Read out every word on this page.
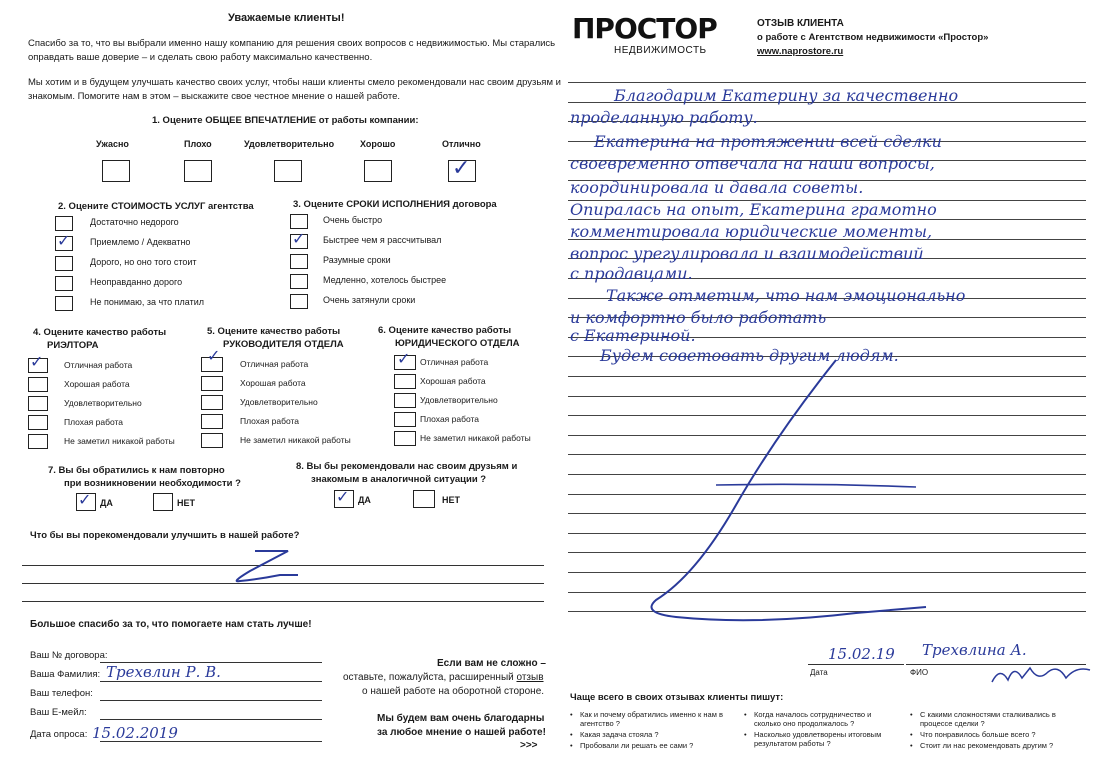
Уважаемые клиенты!
Спасибо за то, что вы выбрали именно нашу компанию для решения своих вопросов с недвижимостью. Мы старались
оправдать ваше доверие – и сделать свою работу максимально качественно.
Мы хотим и в будущем улучшать качество своих услуг, чтобы наши клиенты смело рекомендовали нас своим друзьям и
знакомым. Помогите нам в этом – выскажите свое честное мнение о нашей работе.
1. Оцените ОБЩЕЕ ВПЕЧАТЛЕНИЕ от работы компании:
Ужасно	Плохо	Удовлетворительно	Хорошо	Отлично
✓
2. Оцените СТОИМОСТЬ УСЛУГ агентства
✓
Достаточно недорого
Приемлемо / Адекватно
Дорого, но оно того стоит
Неоправданно дорого
Не понимаю, за что платил
3. Оцените СРОКИ ИСПОЛНЕНИЯ договора
✓
Очень быстро
Быстрее чем я рассчитывал
Разумные сроки
Медленно, хотелось быстрее
Очень затянули сроки
4. Оцените качество работы
РИЭЛТОРА
✓ Отличная работа
Хорошая работа
Удовлетворительно
Плохая работа
Не заметил никакой работы
5. Оцените качество работы
РУКОВОДИТЕЛЯ ОТДЕЛА
✓ Отличная работа
Хорошая работа
Удовлетворительно
Плохая работа
Не заметил никакой работы
6. Оцените качество работы
ЮРИДИЧЕСКОГО ОТДЕЛА
✓ Отличная работа
Хорошая работа
Удовлетворительно
Плохая работа
Не заметил никакой работы
7. Вы бы обратились к нам повторно
при возникновении необходимости ?
✓ ДА	НЕТ
8. Вы бы рекомендовали нас своим друзьям и
знакомым в аналогичной ситуации ?
✓ ДА	НЕТ
Что бы вы порекомендовали улучшить в нашей работе?
Большое спасибо за то, что помогаете нам стать лучше!
Ваш № договора:
Ваша Фамилия: Трехвлин Р. В.
Ваш телефон:
Ваш Е-мейл:
Дата опроса: 15.02.2019
Если вам не сложно –
оставьте, пожалуйста, расширенный отзыв
о нашей работе на оборотной стороне.
Мы будем вам очень благодарны
за любое мнение о нашей работе!
>>>
ПРОСТОР
НЕДВИЖИМОСТЬ
ОТЗЫВ КЛИЕНТА
о работе с Агентством недвижимости «Простор»
www.naprostore.ru
Благодарим Екатерину за качественно
проделанную работу.
Екатерина на протяжении всей сделки
своевременно отвечала на наши вопросы,
координировала и давала советы.
Опиралась на опыт, Екатерина грамотно
комментировала юридические моменты,
вопрос урегулировала и взаимодействий
с продавцами.
Также отметим, что нам эмоционально
и комфортно было работать
с Екатериной.
Будем советовать другим людям.
15.02.19
Дата
Трехвлина А.
ФИО
Чаще всего в своих отзывах клиенты пишут:
• Как и почему обратились именно к нам в агентство ?
• Какая задача стояла ?
• Пробовали ли решать ее сами ?
• Когда началось сотрудничество и сколько оно продолжалось ?
• Насколько удовлетворены итоговым результатом работы ?
• С какими сложностями сталкивались в процессе сделки ?
• Что понравилось больше всего ?
• Стоит ли нас рекомендовать другим ?
